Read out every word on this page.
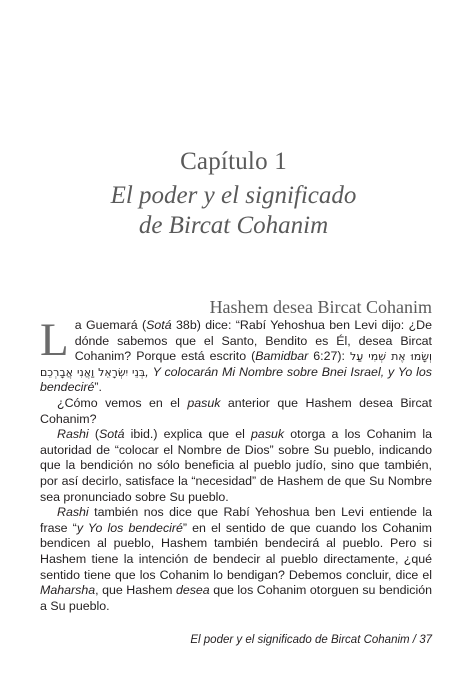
Capítulo 1
El poder y el significado
de Bircat Cohanim
Hashem desea Bircat Cohanim

La Guemará (Sotá 38b) dice: “Rabí Yehoshua ben Levi dijo: ¿De dónde sabemos que el Santo, Bendito es Él, desea Bircat Cohanim? Porque está escrito (Bamidbar 6:27): וְשָׂמוּ אֶת שְׁמִי עַל בְּנֵי יִשְׂרָאֵל וַאֲנִי אֲבָרְכֵם, Y colocarán Mi Nombre sobre Bnei Israel, y Yo los bendeciré”.

¿Cómo vemos en el pasuk anterior que Hashem desea Bircat Cohanim?

Rashi (Sotá ibid.) explica que el pasuk otorga a los Cohanim la autoridad de “colocar el Nombre de Dios” sobre Su pueblo, indicando que la bendición no sólo beneficia al pueblo judío, sino que también, por así decirlo, satisface la “necesidad” de Hashem de que Su Nombre sea pronunciado sobre Su pueblo.

Rashi también nos dice que Rabí Yehoshua ben Levi entiende la frase “y Yo los bendeciré” en el sentido de que cuando los Cohanim bendicen al pueblo, Hashem también bendecirá al pueblo. Pero si Hashem tiene la intención de bendecir al pueblo directamente, ¿qué sentido tiene que los Cohanim lo bendigan? Debemos concluir, dice el Maharsha, que Hashem desea que los Cohanim otorguen su bendición a Su pueblo.

El poder y el significado de Bircat Cohanim / 37
